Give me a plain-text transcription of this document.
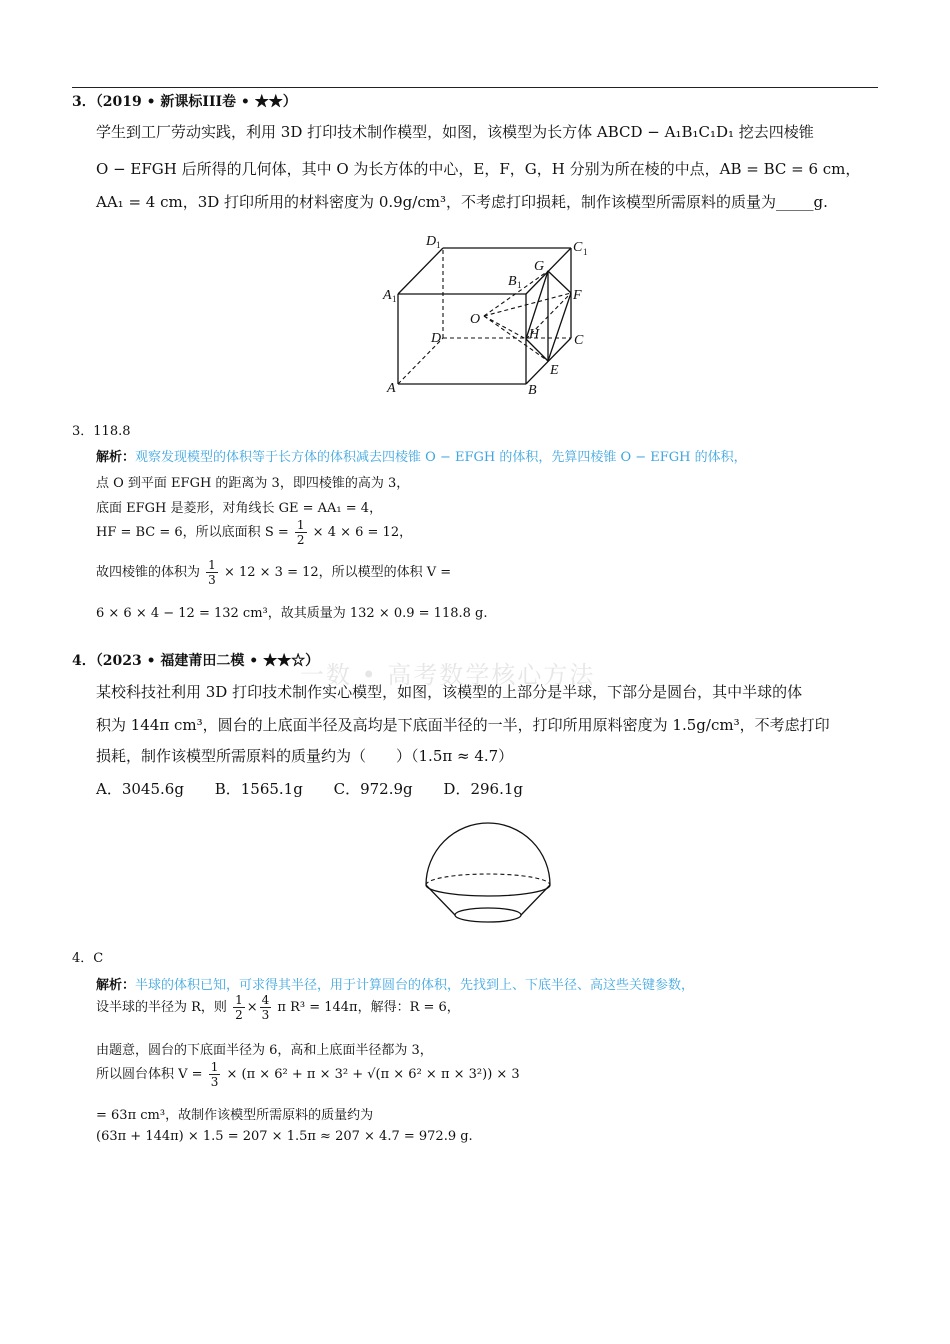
一数 • 高考数学核心方法
3．（2019 • 新课标III卷 • ★★）
学生到工厂劳动实践，利用 3D 打印技术制作模型，如图，该模型为长方体 ABCD − A₁B₁C₁D₁ 挖去四棱锥
O − EFGH 后所得的几何体，其中 O 为长方体的中心，E，F，G，H 分别为所在棱的中点，AB = BC = 6 cm，
AA₁ = 4 cm，3D 打印所用的材料密度为 0.9g/cm³，不考虑打印损耗，制作该模型所需原料的质量为_____g.
D 1	C 1
A 1
B 1
G
F
O
H
D	C
E
A	B
3．118.8
解析：观察发现模型的体积等于长方体的体积减去四棱锥 O − EFGH 的体积，先算四棱锥 O − EFGH 的体积，
点 O 到平面 EFGH 的距离为 3，即四棱锥的高为 3，
底面 EFGH 是菱形，对角线长 GE = AA₁ = 4，
HF = BC = 6，所以底面积 $S = \frac{1}{2} \times 4 \times 6 = 12$，
故四棱锥的体积为 $\frac{1}{3} \times 12 \times 3 = 12$，所以模型的体积 V =
6 × 6 × 4 − 12 = 132 cm³，故其质量为 132 × 0.9 = 118.8 g.
4．（2023 • 福建莆田二模 • ★★☆）
某校科技社利用 3D 打印技术制作实心模型，如图，该模型的上部分是半球，下部分是圆台，其中半球的体
积为 144π cm³，圆台的上底面半径及高均是下底面半径的一半，打印所用原料密度为 1.5g/cm³，不考虑打印
损耗，制作该模型所需原料的质量约为（　　）（1.5π ≈ 4.7）
A．3045.6g B．1565.1g C．972.9g D．296.1g
4．C
解析：半球的体积已知，可求得其半径，用于计算圆台的体积，先找到上、下底半径、高这些关键参数，
设半球的半径为 R，则 $\frac{1}{2} \times \frac{4}{3}$ π R³ = 144π，解得：R = 6，
由题意，圆台的下底面半径为 6，高和上底面半径都为 3，
所以圆台体积 $V = \frac{1}{3} \times (\pi \times 6^2 + \pi \times 3^2 + √(\pi \times 6^2 \times \pi \times 3^2)) \times 3$
= 63π cm³，故制作该模型所需原料的质量约为
(63π + 144π) × 1.5 = 207 × 1.5π ≈ 207 × 4.7 = 972.9 g.
